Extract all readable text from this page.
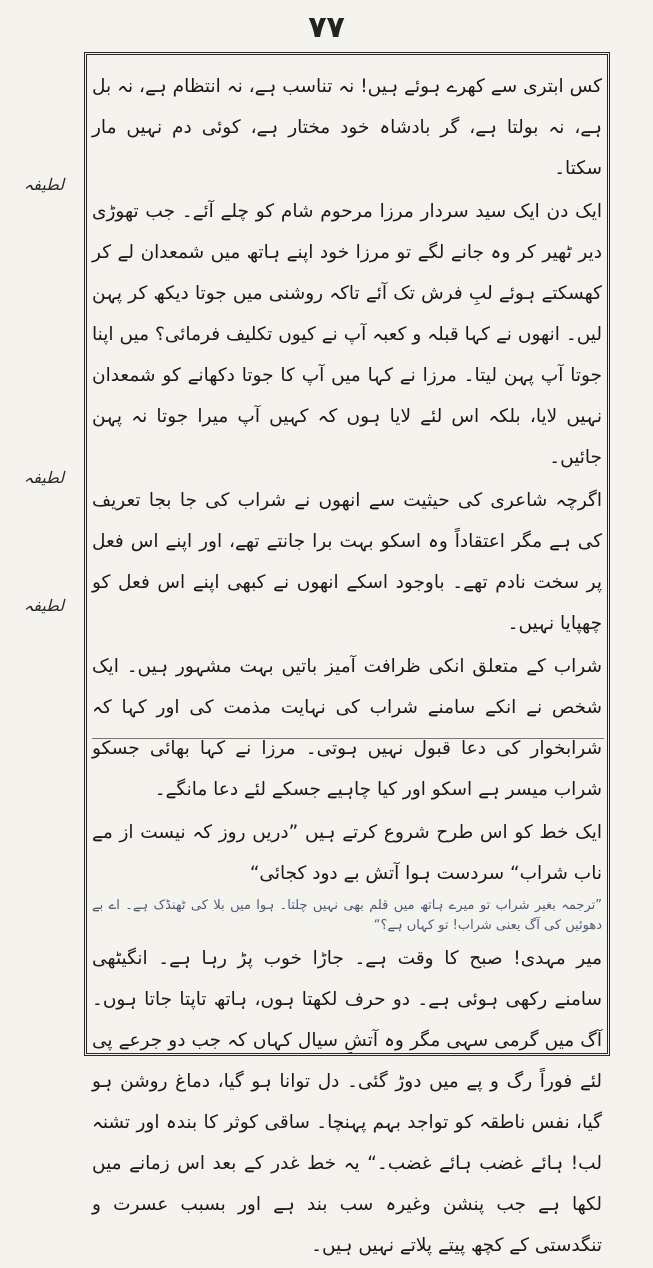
۷۷
لطیفہ
لطیفہ
لطیفہ

کس ابتری سے کھرے ہوئے ہیں! نہ تناسب ہے، نہ انتظام ہے، نہ بل ہے، نہ بولتا ہے، گر بادشاہ خود مختار ہے، کوئی دم نہیں مار سکتا۔

ایک دن ایک سید سردار مرزا مرحوم شام کو چلے آئے۔ جب تھوڑی دیر ٹھیر کر وہ جانے لگے تو مرزا خود اپنے ہاتھ میں شمعدان لے کر کھسکتے ہوئے لبِ فرش تک آئے تاکہ روشنی میں جوتا دیکھ کر پہن لیں۔ انھوں نے کہا قبلہ و کعبہ آپ نے کیوں تکلیف فرمائی؟ میں اپنا جوتا آپ پہن لیتا۔ مرزا نے کہا میں آپ کا جوتا دکھانے کو شمعدان نہیں لایا، بلکہ اس لئے لایا ہوں کہ کہیں آپ میرا جوتا نہ پہن جائیں۔

اگرچہ شاعری کی حیثیت سے انھوں نے شراب کی جا بجا تعریف کی ہے مگر اعتقاداً وہ اسکو بہت برا جانتے تھے، اور اپنے اس فعل پر سخت نادم تھے۔ باوجود اسکے انھوں نے کبھی اپنے اس فعل کو چھپایا نہیں۔

شراب کے متعلق انکی ظرافت آمیز باتیں بہت مشہور ہیں۔ ایک شخص نے انکے سامنے شراب کی نہایت مذمت کی اور کہا کہ شرابخوار کی دعا قبول نہیں ہوتی۔ مرزا نے کہا بھائی جسکو شراب میسر ہے اسکو اور کیا چاہیے جسکے لئے دعا مانگے۔

ایک خط کو اس طرح شروع کرتے ہیں ”دریں روز کہ نیست از مے ناب شراب“ سردست ہوا آتش بے دود کجائی“

”ترجمہ بغیر شراب تو میرے ہاتھ میں قلم بھی نہیں چلتا۔ ہوا میں بلا کی ٹھنڈک ہے۔ اے بے دھوئیں کی آگ یعنی شراب! تو کہاں ہے؟“

میر مہدی! صبح کا وقت ہے۔ جاڑا خوب پڑ رہا ہے۔ انگیٹھی سامنے رکھی ہوئی ہے۔ دو حرف لکھتا ہوں، ہاتھ تاپتا جاتا ہوں۔ آگ میں گرمی سہی مگر وہ آتشِ سیال کہاں کہ جب دو جرعے پی لئے فوراً رگ و پے میں دوڑ گئی۔ دل توانا ہو گیا، دماغ روشن ہو گیا، نفس ناطقہ کو تواجد بہم پہنچا۔ ساقی کوثر کا بندہ اور تشنہ لب! ہائے غضب ہائے غضب۔“ یہ خط غدر کے بعد اس زمانے میں لکھا ہے جب پنشن وغیرہ سب بند ہے اور بسبب عسرت و تنگدستی کے کچھ پیتے پلاتے نہیں ہیں۔
